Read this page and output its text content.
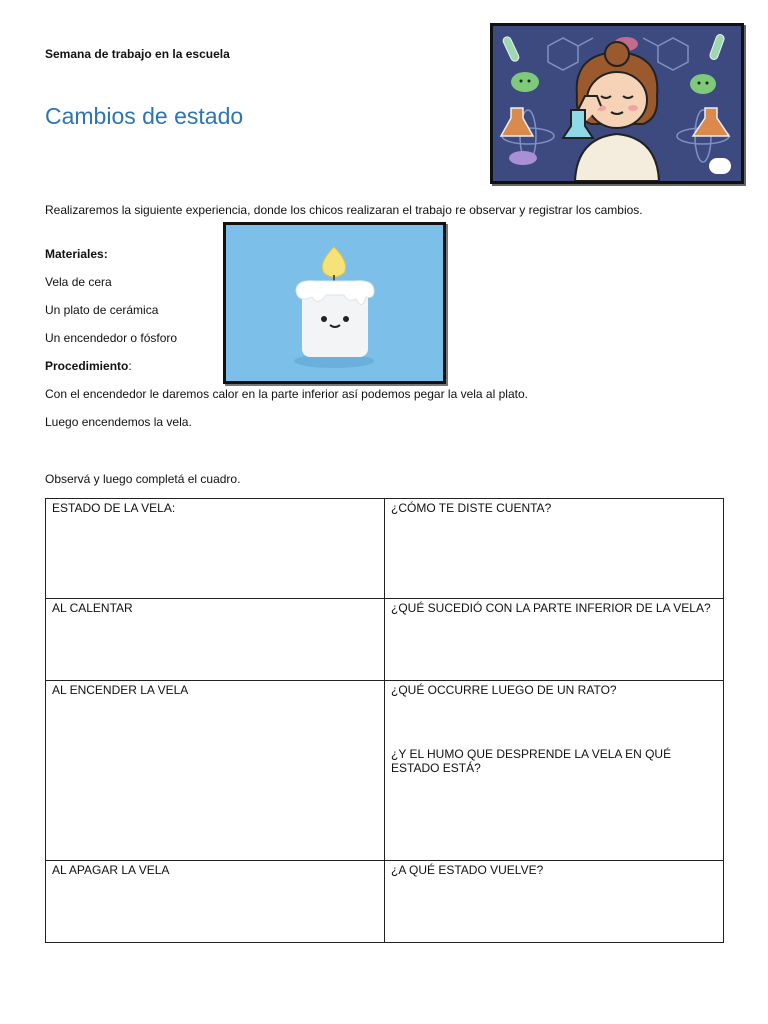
Semana de trabajo en la escuela
Cambios de estado
Realizaremos la siguiente experiencia, donde los chicos realizaran el trabajo re observar y registrar los cambios.
Materiales:
Vela de cera
Un plato de cerámica
Un encendedor o fósforo
Procedimiento:
Con el encendedor le daremos calor en la parte inferior así podemos pegar la vela al plato.
Luego encendemos la vela.
Observá y luego completá el cuadro.
ESTADO DE LA VELA:	¿CÓMO TE DISTE CUENTA?
AL CALENTAR	¿QUÉ SUCEDIÓ CON LA PARTE INFERIOR DE LA VELA?
AL ENCENDER LA VELA	¿QUÉ OCCURRE LUEGO DE UN RATO?
¿Y EL HUMO QUE DESPRENDE LA VELA EN QUÉ ESTADO ESTÁ?
AL APAGAR LA VELA	¿A QUÉ ESTADO VUELVE?
